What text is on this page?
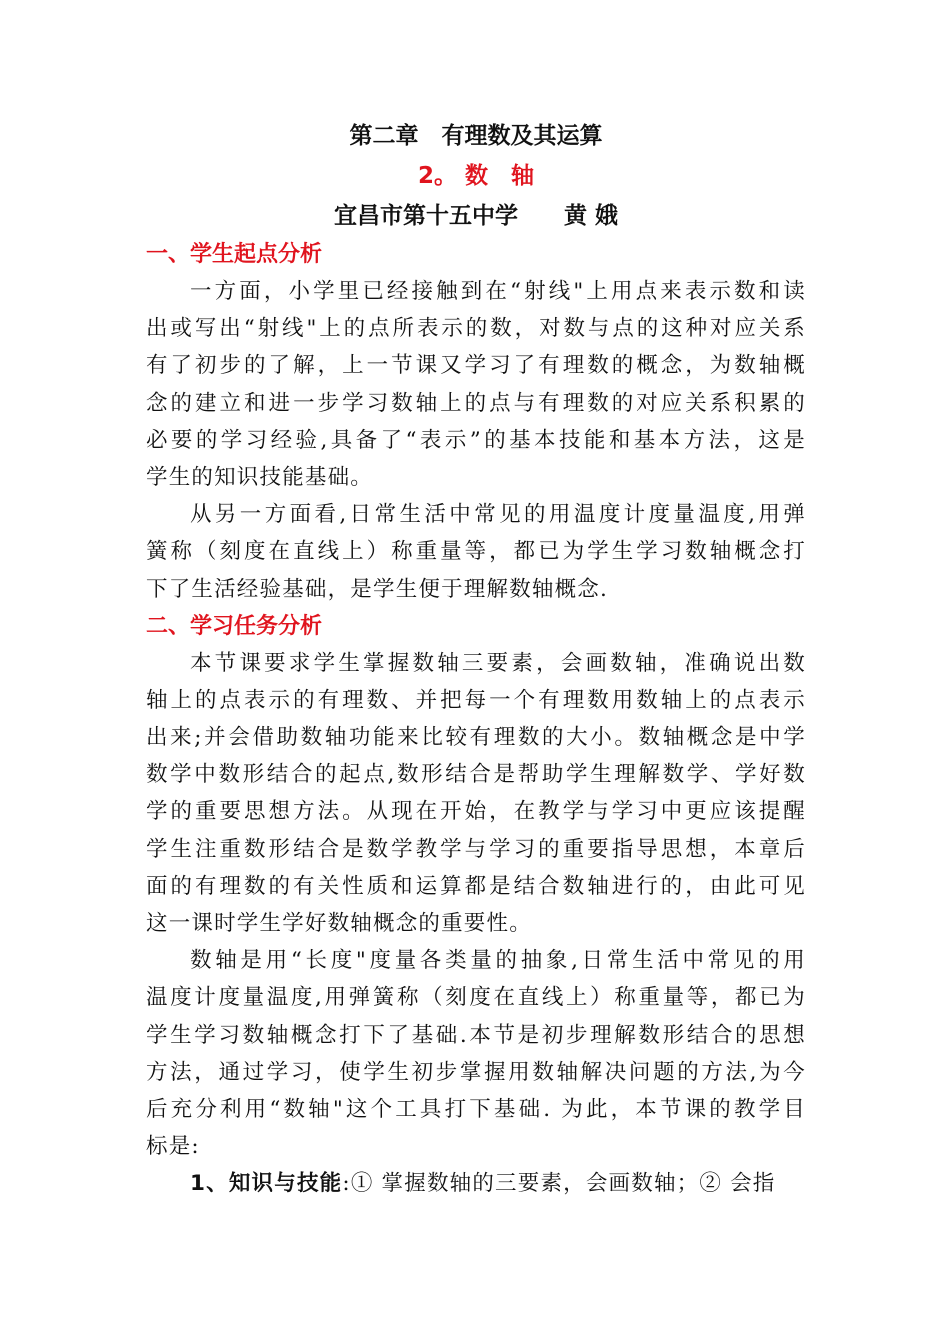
第二章　有理数及其运算
2。 数　轴
宜昌市第十五中学　　黄 娥
一、学生起点分析
一方面，小学里已经接触到在“射线"上用点来表示数和读
出或写出“射线"上的点所表示的数，对数与点的这种对应关系
有了初步的了解，上一节课又学习了有理数的概念，为数轴概
念的建立和进一步学习数轴上的点与有理数的对应关系积累的
必要的学习经验,具备了“表示”的基本技能和基本方法，这是
学生的知识技能基础。
从另一方面看,日常生活中常见的用温度计度量温度,用弹
簧称（刻度在直线上）称重量等，都已为学生学习数轴概念打
下了生活经验基础，是学生便于理解数轴概念.
二、学习任务分析
本节课要求学生掌握数轴三要素，会画数轴，准确说出数
轴上的点表示的有理数、并把每一个有理数用数轴上的点表示
出来;并会借助数轴功能来比较有理数的大小。数轴概念是中学
数学中数形结合的起点,数形结合是帮助学生理解数学、学好数
学的重要思想方法。从现在开始，在教学与学习中更应该提醒
学生注重数形结合是数学教学与学习的重要指导思想，本章后
面的有理数的有关性质和运算都是结合数轴进行的，由此可见
这一课时学生学好数轴概念的重要性。
数轴是用“长度"度量各类量的抽象,日常生活中常见的用
温度计度量温度,用弹簧称（刻度在直线上）称重量等，都已为
学生学习数轴概念打下了基础.本节是初步理解数形结合的思想
方法，通过学习，使学生初步掌握用数轴解决问题的方法,为今
后充分利用“数轴"这个工具打下基础. 为此，本节课的教学目
标是:
1、知识与技能:① 掌握数轴的三要素，会画数轴；② 会指
